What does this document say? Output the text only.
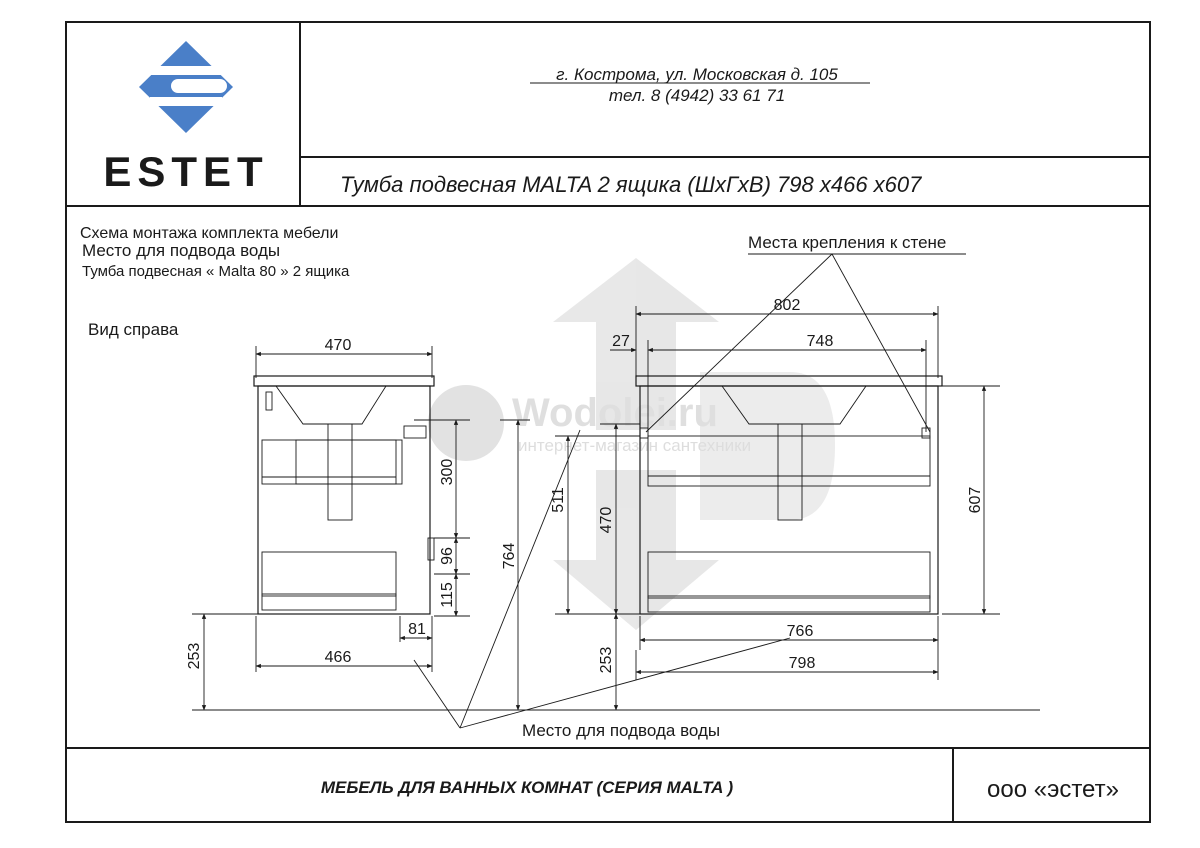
ESTET
г. Кострома, ул. Московская д. 105
тел. 8 (4942) 33 61 71
Тумба подвесная MALTA 2 ящика (ШхГхВ) 798 х466 х607
Wodolei.ru
интернет-магазин сантехники
Схема монтажа комплекта мебели
Место для подвода воды
Тумба подвесная « Malta 80 » 2 ящика
Вид справа
Места крепления к стене
Место для подвода воды
470
466
81
300
96
115
764
253
511
470
253
802
27	748
766
798
607
МЕБЕЛЬ ДЛЯ ВАННЫХ КОМНАТ (СЕРИЯ MALTA )	ооо «эстет»
